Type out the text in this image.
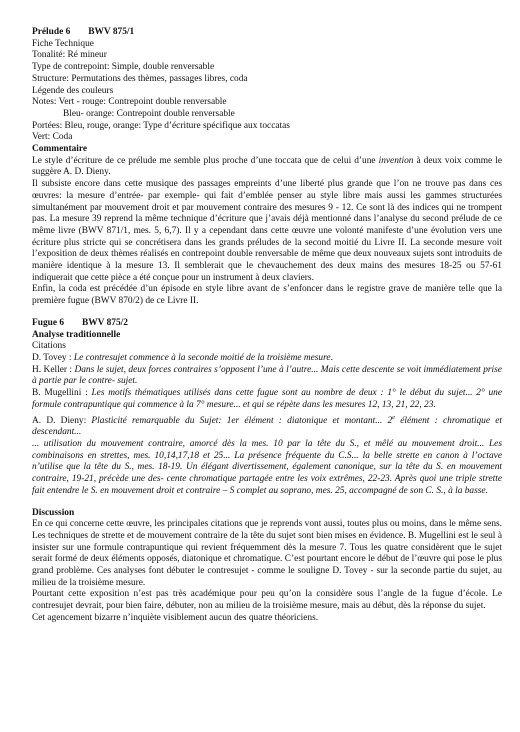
Prélude 6 BWV 875/1
Fiche Technique
Tonalité: Ré mineur
Type de contrepoint: Simple, double renversable
Structure: Permutations des thèmes, passages libres, coda
Légende des couleurs
Notes: Vert - rouge: Contrepoint double renversable
Bleu- orange: Contrepoint double renversable
Portées: Bleu, rouge, orange: Type d’écriture spécifique aux toccatas
Vert: Coda
Commentaire

Le style d’écriture de ce prélude me semble plus proche d’une toccata que de celui d’une invention à deux voix comme le suggère A. D. Dieny.

Il subsiste encore dans cette musique des passages empreints d’une liberté plus grande que l’on ne trouve pas dans ces œuvres: la mesure d’entrée- par exemple- qui fait d’emblée penser au style libre mais aussi les gammes structurées simultanément par mouvement droit et par mouvement contraire des mesures 9 - 12. Ce sont là des indices qui ne trompent pas. La mesure 39 reprend la même technique d’écriture que j’avais déjà mentionné dans l’analyse du second prélude de ce même livre (BWV 871/1, mes. 5, 6,7). Il y a cependant dans cette œuvre une volonté manifeste d’une évolution vers une écriture plus stricte qui se concrétisera dans les grands préludes de la second moitié du Livre II. La seconde mesure voit l’exposition de deux thèmes réalisés en contrepoint double renversable de même que deux nouveaux sujets sont introduits de manière identique à la mesure 13. Il semblerait que le chevauchement des deux mains des mesures 18-25 ou 57-61 indiquerait que cette pièce a été conçue pour un instrument à deux claviers.

Enfin, la coda est précédée d’un épisode en style libre avant de s’enfoncer dans le registre grave de manière telle que la première fugue (BWV 870/2) de ce Livre II.

Fugue 6 BWV 875/2
Analyse traditionnelle
Citations

D. Tovey : Le contresujet commence à la seconde moitié de la troisième mesure.

H. Keller : Dans le sujet, deux forces contraires s’opposent l’une à l’autre... Mais cette descente se voit immédiatement prise à partie par le contre- sujet.

B. Mugellini : Les motifs thématiques utilisés dans cette fugue sont au nombre de deux : 1° le début du sujet... 2° une formule contrapuntique qui commence à la 7° mesure... et qui se répète dans les mesures 12, 13, 21, 22, 23.

A. D. Dieny: Plasticité remarquable du Sujet: 1er élément : diatonique et montant... 2e élément : chromatique et descendant...

... utilisation du mouvement contraire, amorcé dès la mes. 10 par la tête du S., et mêlé au mouvement droit... Les combinaisons en strettes, mes. 10,14,17,18 et 25... La présence fréquente du C.S... la belle strette en canon à l’octave n’utilise que la tête du S., mes. 18-19. Un élégant divertissement, également canonique, sur la tête du S. en mouvement contraire, 19-21, précède une des- cente chromatique partagée entre les voix extrêmes, 22-23. Après quoi une triple strette fait entendre le S. en mouvement droit et contraire – S complet au soprano, mes. 25, accompagné de son C. S., à la basse.

Discussion

En ce qui concerne cette œuvre, les principales citations que je reprends vont aussi, toutes plus ou moins, dans le même sens. Les techniques de strette et de mouvement contraire de la tête du sujet sont bien mises en évidence. B. Mugellini est le seul à insister sur une formule contrapuntique qui revient fréquemment dès la mesure 7. Tous les quatre considèrent que le sujet serait formé de deux éléments opposés, diatonique et chromatique. C’est pourtant encore le début de l’œuvre qui pose le plus grand problème. Ces analyses font débuter le contresujet - comme le souligne D. Tovey - sur la seconde partie du sujet, au milieu de la troisième mesure.

Pourtant cette exposition n’est pas très académique pour peu qu’on la considère sous l’angle de la fugue d’école. Le contresujet devrait, pour bien faire, débuter, non au milieu de la troisième mesure, mais au début, dès la réponse du sujet.

Cet agencement bizarre n’inquiète visiblement aucun des quatre théoriciens.
